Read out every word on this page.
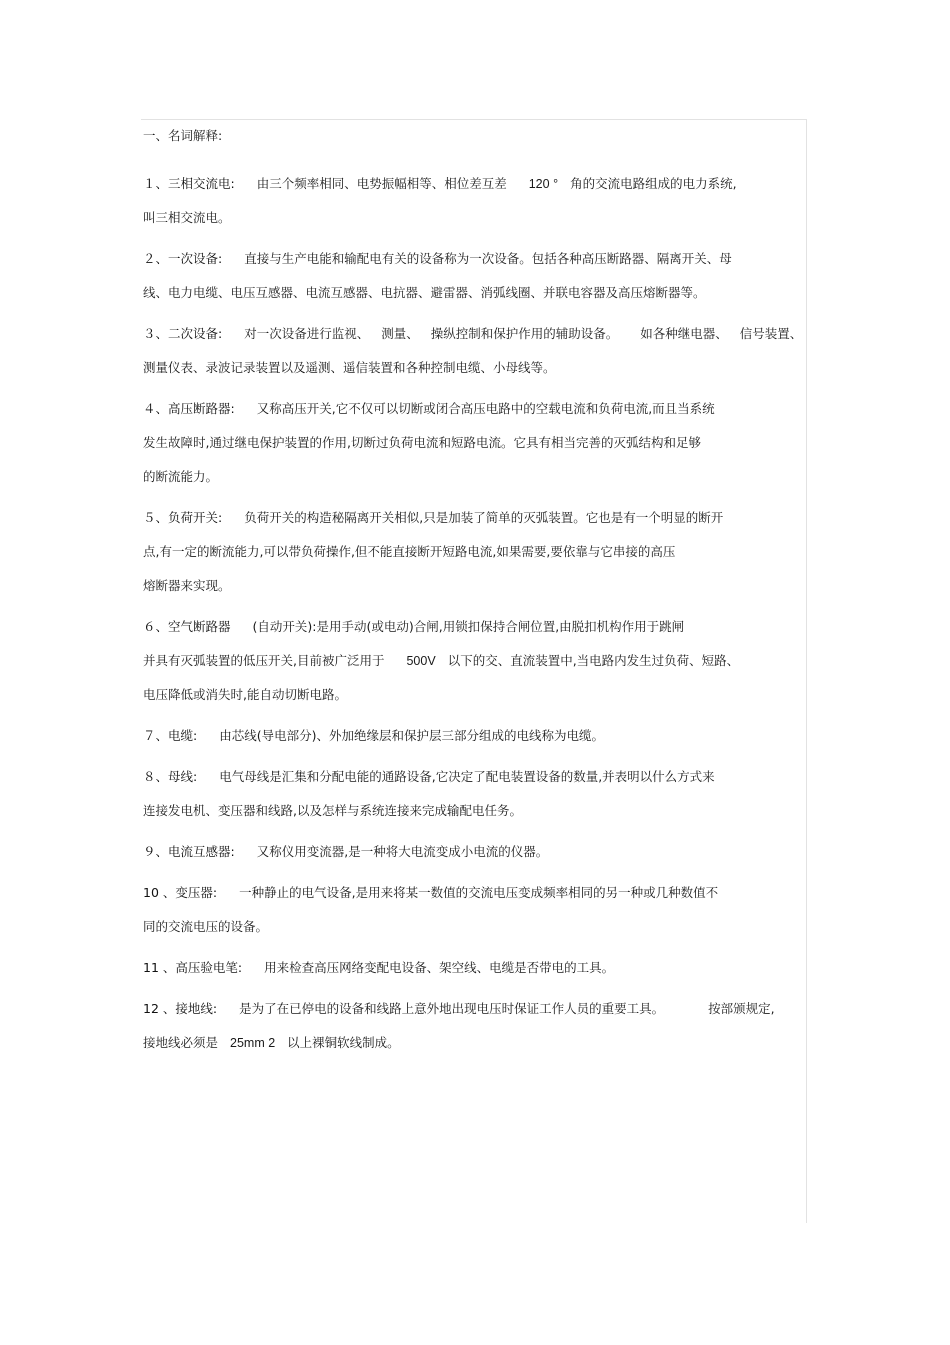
一、名词解释:
１、三相交流电: 由三个频率相同、电势振幅相等、相位差互差 120 ° 角的交流电路组成的电力系统,
叫三相交流电。
２、一次设备: 直接与生产电能和输配电有关的设备称为一次设备。包括各种高压断路器、隔离开关、母
线、电力电缆、电压互感器、电流互感器、电抗器、避雷器、消弧线圈、并联电容器及高压熔断器等。
３、二次设备: 对一次设备进行监视、 测量、 操纵控制和保护作用的辅助设备。 如各种继电器、 信号装置、
测量仪表、录波记录装置以及遥测、遥信装置和各种控制电缆、小母线等。
４、高压断路器: 又称高压开关,它不仅可以切断或闭合高压电路中的空载电流和负荷电流,而且当系统
发生故障时,通过继电保护装置的作用,切断过负荷电流和短路电流。它具有相当完善的灭弧结构和足够
的断流能力。
５、负荷开关: 负荷开关的构造秘隔离开关相似,只是加装了简单的灭弧装置。它也是有一个明显的断开
点,有一定的断流能力,可以带负荷操作,但不能直接断开短路电流,如果需要,要依靠与它串接的高压
熔断器来实现。
６、空气断路器 (自动开关):是用手动(或电动)合闸,用锁扣保持合闸位置,由脱扣机构作用于跳闸
并具有灭弧装置的低压开关,目前被广泛用于 500V 以下的交、直流装置中,当电路内发生过负荷、短路、
电压降低或消失时,能自动切断电路。
７、电缆: 由芯线(导电部分)、外加绝缘层和保护层三部分组成的电线称为电缆。
８、母线: 电气母线是汇集和分配电能的通路设备,它决定了配电装置设备的数量,并表明以什么方式来
连接发电机、变压器和线路,以及怎样与系统连接来完成输配电任务。
９、电流互感器: 又称仪用变流器,是一种将大电流变成小电流的仪器。
10 、变压器: 一种静止的电气设备,是用来将某一数值的交流电压变成频率相同的另一种或几种数值不
同的交流电压的设备。
11 、高压验电笔: 用来检查高压网络变配电设备、架空线、电缆是否带电的工具。
12 、接地线: 是为了在已停电的设备和线路上意外地出现电压时保证工作人员的重要工具。	按部颁规定,
接地线必须是 25mm 2 以上裸铜软线制成。
